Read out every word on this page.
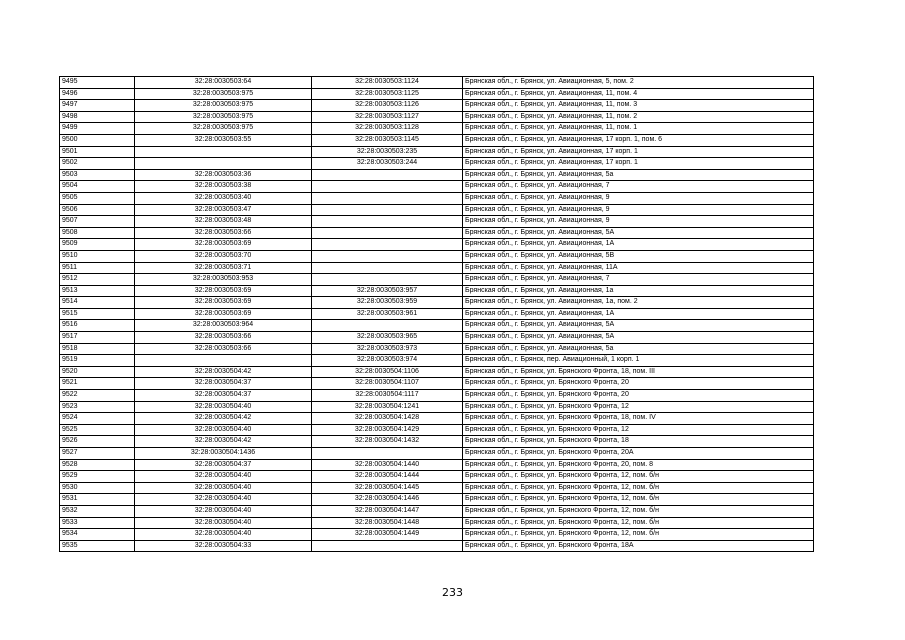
9495	32:28:0030503:64	32:28:0030503:1124	Брянская обл., г. Брянск, ул. Авиационная, 5, пом. 2
9496	32:28:0030503:975	32:28:0030503:1125	Брянская обл., г. Брянск, ул. Авиационная, 11, пом. 4
9497	32:28:0030503:975	32:28:0030503:1126	Брянская обл., г. Брянск, ул. Авиационная, 11, пом. 3
9498	32:28:0030503:975	32:28:0030503:1127	Брянская обл., г. Брянск, ул. Авиационная, 11, пом. 2
9499	32:28:0030503:975	32:28:0030503:1128	Брянская обл., г. Брянск, ул. Авиационная, 11, пом. 1
9500	32:28:0030503:55	32:28:0030503:1145	Брянская обл., г. Брянск, ул. Авиационная, 17 корп. 1, пом. 6
9501		32:28:0030503:235	Брянская обл., г. Брянск, ул. Авиационная, 17 корп. 1
9502		32:28:0030503:244	Брянская обл., г. Брянск, ул. Авиационная, 17 корп. 1
9503	32:28:0030503:36		Брянская обл., г. Брянск, ул. Авиационная, 5а
9504	32:28:0030503:38		Брянская обл., г. Брянск, ул. Авиационная, 7
9505	32:28:0030503:40		Брянская обл., г. Брянск, ул. Авиационная, 9
9506	32:28:0030503:47		Брянская обл., г. Брянск, ул. Авиационная, 9
9507	32:28:0030503:48		Брянская обл., г. Брянск, ул. Авиационная, 9
9508	32:28:0030503:66		Брянская обл., г. Брянск, ул. Авиационная, 5А
9509	32:28:0030503:69		Брянская обл., г. Брянск, ул. Авиационная, 1А
9510	32:28:0030503:70		Брянская обл., г. Брянск, ул. Авиационная, 5В
9511	32:28:0030503:71		Брянская обл., г. Брянск, ул. Авиационная, 11А
9512	32:28:0030503:953		Брянская обл., г. Брянск, ул. Авиационная, 7
9513	32:28:0030503:69	32:28:0030503:957	Брянская обл., г. Брянск, ул. Авиационная, 1а
9514	32:28:0030503:69	32:28:0030503:959	Брянская обл., г. Брянск, ул. Авиационная, 1а, пом. 2
9515	32:28:0030503:69	32:28:0030503:961	Брянская обл., г. Брянск, ул. Авиационная, 1А
9516	32:28:0030503:964		Брянская обл., г. Брянск, ул. Авиационная, 5А
9517	32:28:0030503:66	32:28:0030503:965	Брянская обл., г. Брянск, ул. Авиационная, 5А
9518	32:28:0030503:66	32:28:0030503:973	Брянская обл., г. Брянск, ул. Авиационная, 5а
9519		32:28:0030503:974	Брянская обл., г. Брянск, пер. Авиационный, 1 корп. 1
9520	32:28:0030504:42	32:28:0030504:1106	Брянская обл., г. Брянск, ул. Брянского Фронта, 18, пом. III
9521	32:28:0030504:37	32:28:0030504:1107	Брянская обл., г. Брянск, ул. Брянского Фронта, 20
9522	32:28:0030504:37	32:28:0030504:1117	Брянская обл., г. Брянск, ул. Брянского Фронта, 20
9523	32:28:0030504:40	32:28:0030504:1241	Брянская обл., г. Брянск, ул. Брянского Фронта, 12
9524	32:28:0030504:42	32:28:0030504:1428	Брянская обл., г. Брянск, ул. Брянского Фронта, 18, пом. IV
9525	32:28:0030504:40	32:28:0030504:1429	Брянская обл., г. Брянск, ул. Брянского Фронта, 12
9526	32:28:0030504:42	32:28:0030504:1432	Брянская обл., г. Брянск, ул. Брянского Фронта, 18
9527	32:28:0030504:1436		Брянская обл., г. Брянск, ул. Брянского Фронта, 20А
9528	32:28:0030504:37	32:28:0030504:1440	Брянская обл., г. Брянск, ул. Брянского Фронта, 20, пом. 8
9529	32:28:0030504:40	32:28:0030504:1444	Брянская обл., г. Брянск, ул. Брянского Фронта, 12, пом. б/н
9530	32:28:0030504:40	32:28:0030504:1445	Брянская обл., г. Брянск, ул. Брянского Фронта, 12, пом. б/н
9531	32:28:0030504:40	32:28:0030504:1446	Брянская обл., г. Брянск, ул. Брянского Фронта, 12, пом. б/н
9532	32:28:0030504:40	32:28:0030504:1447	Брянская обл., г. Брянск, ул. Брянского Фронта, 12, пом. б/н
9533	32:28:0030504:40	32:28:0030504:1448	Брянская обл., г. Брянск, ул. Брянского Фронта, 12, пом. б/н
9534	32:28:0030504:40	32:28:0030504:1449	Брянская обл., г. Брянск, ул. Брянского Фронта, 12, пом. б/н
9535	32:28:0030504:33		Брянская обл., г. Брянск, ул. Брянского Фронта, 18А
233
